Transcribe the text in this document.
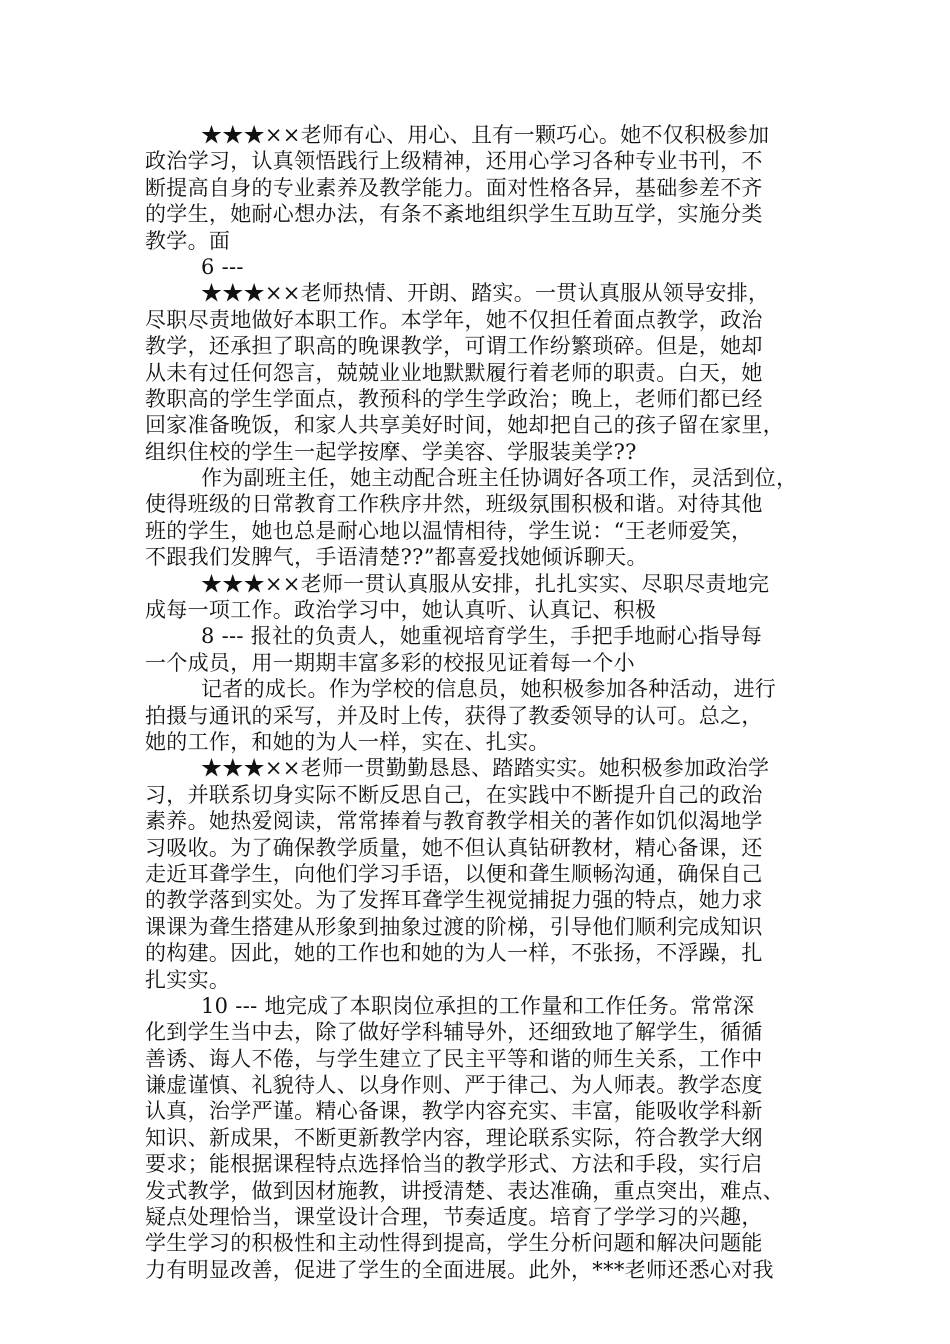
★★★××老师有心、用心、且有一颗巧心。她不仅积极参加
政治学习，认真领悟践行上级精神，还用心学习各种专业书刊，不
断提高自身的专业素养及教学能力。面对性格各异，基础参差不齐
的学生，她耐心想办法，有条不紊地组织学生互助互学，实施分类
教学。面
6 ---
★★★××老师热情、开朗、踏实。一贯认真服从领导安排，
尽职尽责地做好本职工作。本学年，她不仅担任着面点教学，政治
教学，还承担了职高的晚课教学，可谓工作纷繁琐碎。但是，她却
从未有过任何怨言，兢兢业业地默默履行着老师的职责。白天，她
教职高的学生学面点，教预科的学生学政治；晚上，老师们都已经
回家准备晚饭，和家人共享美好时间，她却把自己的孩子留在家里，
组织住校的学生一起学按摩、学美容、学服装美学??
作为副班主任，她主动配合班主任协调好各项工作，灵活到位，
使得班级的日常教育工作秩序井然，班级氛围积极和谐。对待其他
班的学生，她也总是耐心地以温情相待，学生说：“王老师爱笑，
不跟我们发脾气，手语清楚??”都喜爱找她倾诉聊天。
★★★××老师一贯认真服从安排，扎扎实实、尽职尽责地完
成每一项工作。政治学习中，她认真听、认真记、积极
8 --- 报社的负责人，她重视培育学生，手把手地耐心指导每
一个成员，用一期期丰富多彩的校报见证着每一个小
记者的成长。作为学校的信息员，她积极参加各种活动，进行
拍摄与通讯的采写，并及时上传，获得了教委领导的认可。总之，
她的工作，和她的为人一样，实在、扎实。
★★★××老师一贯勤勤恳恳、踏踏实实。她积极参加政治学
习，并联系切身实际不断反思自己，在实践中不断提升自己的政治
素养。她热爱阅读，常常捧着与教育教学相关的著作如饥似渴地学
习吸收。为了确保教学质量，她不但认真钻研教材，精心备课，还
走近耳聋学生，向他们学习手语，以便和聋生顺畅沟通，确保自己
的教学落到实处。为了发挥耳聋学生视觉捕捉力强的特点，她力求
课课为聋生搭建从形象到抽象过渡的阶梯，引导他们顺利完成知识
的构建。因此，她的工作也和她的为人一样，不张扬，不浮躁，扎
扎实实。
10 --- 地完成了本职岗位承担的工作量和工作任务。常常深
化到学生当中去，除了做好学科辅导外，还细致地了解学生，循循
善诱、诲人不倦，与学生建立了民主平等和谐的师生关系，工作中
谦虚谨慎、礼貌待人、以身作则、严于律己、为人师表。教学态度
认真，治学严谨。精心备课，教学内容充实、丰富，能吸收学科新
知识、新成果，不断更新教学内容，理论联系实际，符合教学大纲
要求；能根据课程特点选择恰当的教学形式、方法和手段，实行启
发式教学，做到因材施教，讲授清楚、表达准确，重点突出，难点、
疑点处理恰当，课堂设计合理，节奏适度。培育了学学习的兴趣，
学生学习的积极性和主动性得到提高，学生分析问题和解决问题能
力有明显改善，促进了学生的全面进展。此外，***老师还悉心对我
